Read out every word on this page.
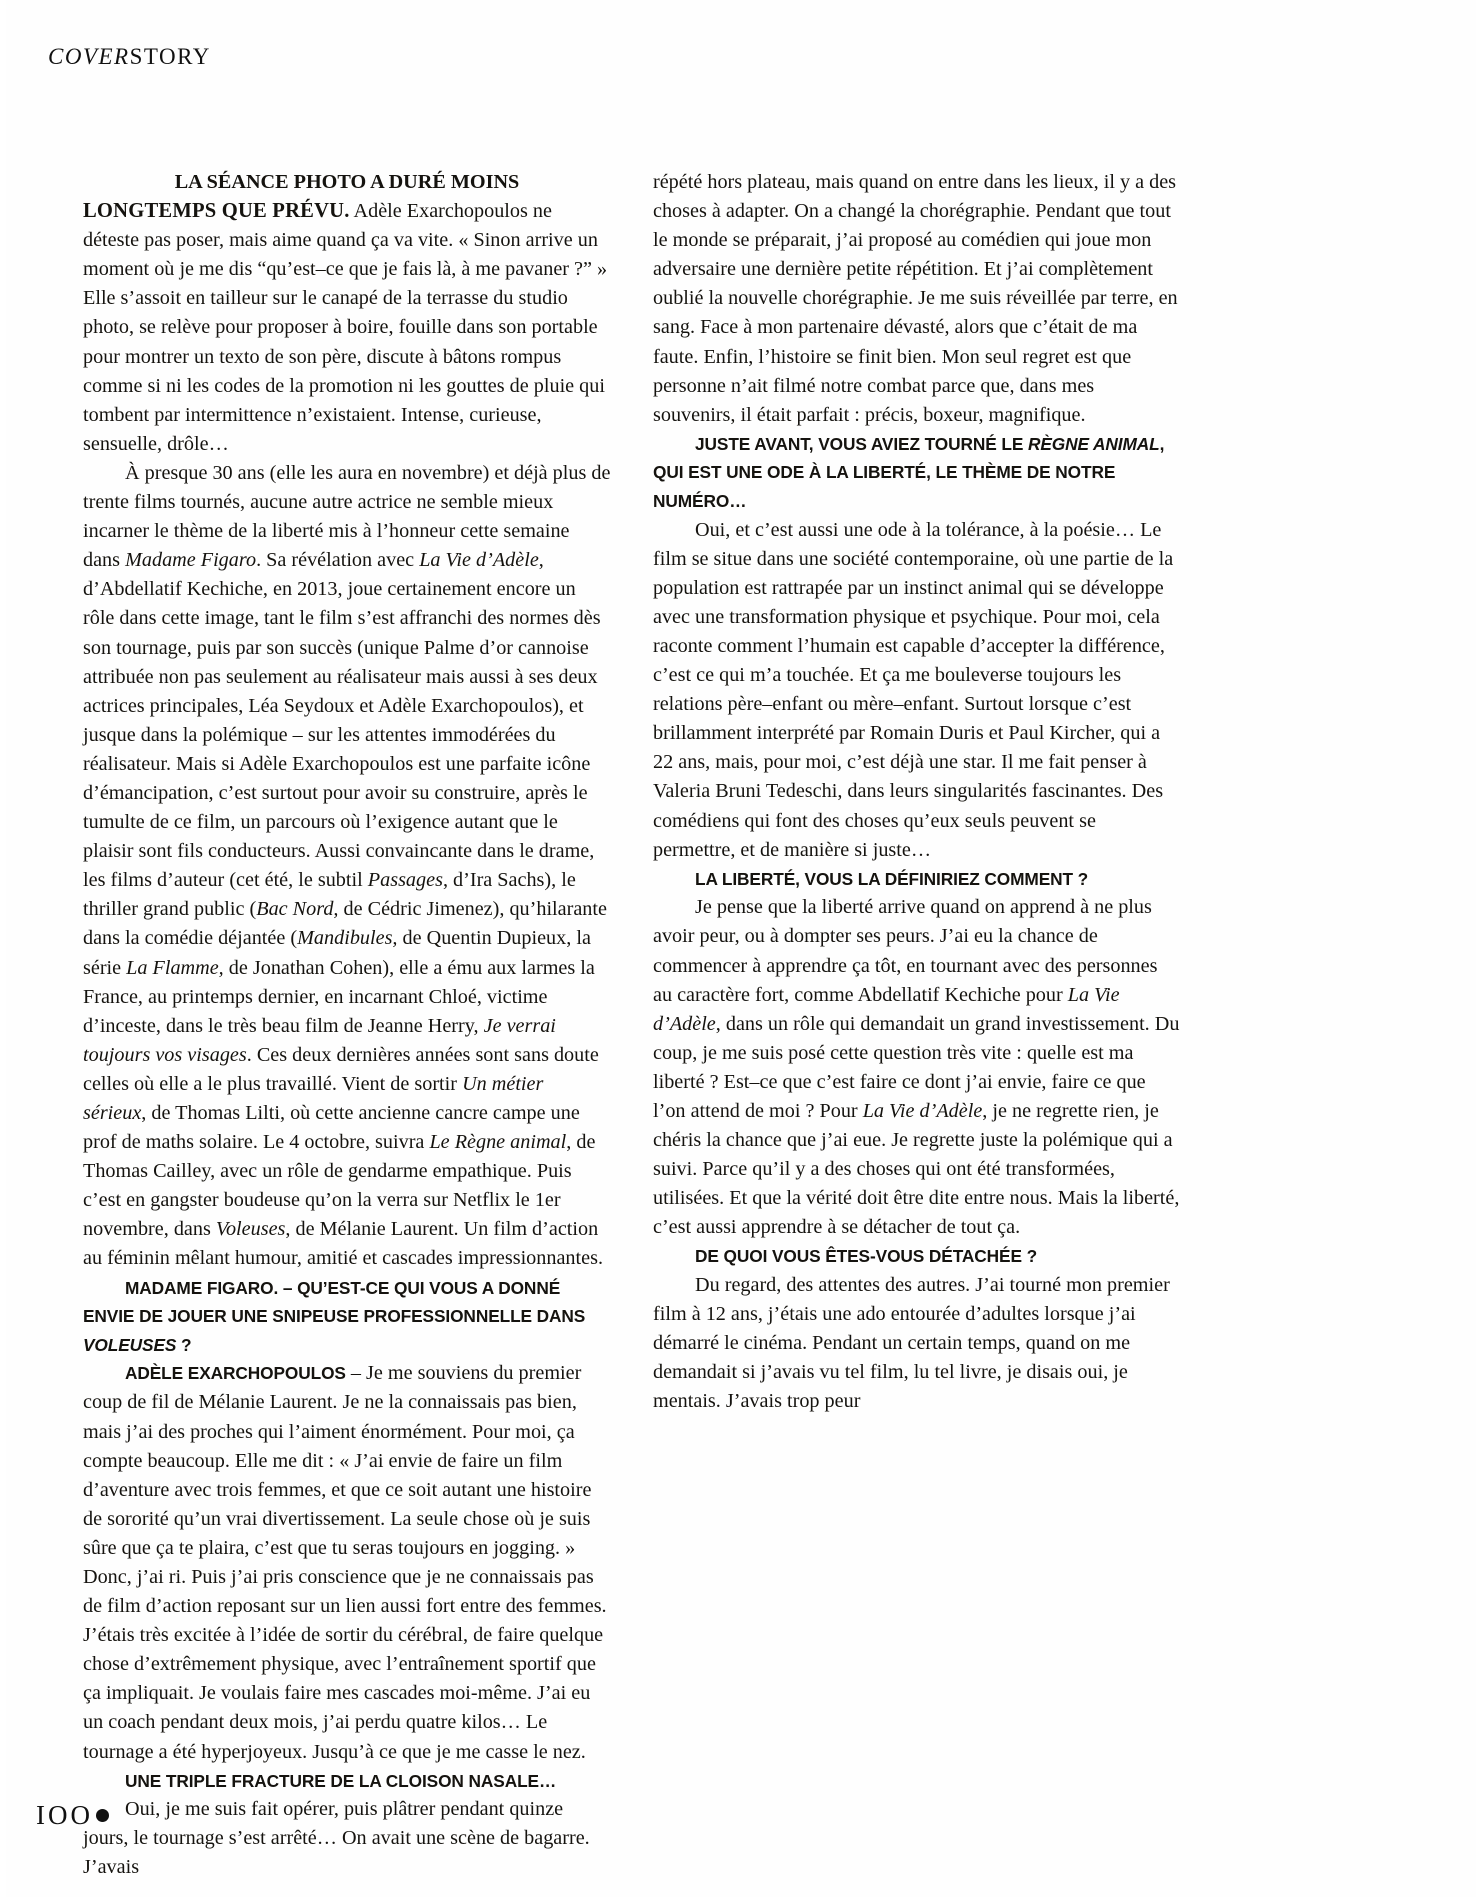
COVERSTORY

LA SÉANCE PHOTO A DURÉ MOINS
LONGTEMPS QUE PRÉVU. Adèle Exarchopoulos ne déteste pas poser, mais aime quand ça va vite. « Sinon arrive un moment où je me dis “qu’est–ce que je fais là, à me pavaner ?” » Elle s’assoit en tailleur sur le canapé de la terrasse du studio photo, se relève pour proposer à boire, fouille dans son portable pour montrer un texto de son père, discute à bâtons rompus comme si ni les codes de la promotion ni les gouttes de pluie qui tombent par intermittence n’existaient. Intense, curieuse, sensuelle, drôle…

À presque 30 ans (elle les aura en novembre) et déjà plus de trente films tournés, aucune autre actrice ne semble mieux incarner le thème de la liberté mis à l’honneur cette semaine dans Madame Figaro. Sa révélation avec La Vie d’Adèle, d’Abdellatif Kechiche, en 2013, joue certainement encore un rôle dans cette image, tant le film s’est affranchi des normes dès son tournage, puis par son succès (unique Palme d’or cannoise attribuée non pas seulement au réalisateur mais aussi à ses deux actrices principales, Léa Seydoux et Adèle Exarchopoulos), et jusque dans la polémique – sur les attentes immodérées du réalisateur. Mais si Adèle Exarchopoulos est une parfaite icône d’émancipation, c’est surtout pour avoir su construire, après le tumulte de ce film, un parcours où l’exigence autant que le plaisir sont fils conducteurs. Aussi convaincante dans le drame, les films d’auteur (cet été, le subtil Passages, d’Ira Sachs), le thriller grand public (Bac Nord, de Cédric Jimenez), qu’hilarante dans la comédie déjantée (Mandibules, de Quentin Dupieux, la série La Flamme, de Jonathan Cohen), elle a ému aux larmes la France, au printemps dernier, en incarnant Chloé, victime d’inceste, dans le très beau film de Jeanne Herry, Je verrai toujours vos visages. Ces deux dernières années sont sans doute celles où elle a le plus travaillé. Vient de sortir Un métier sérieux, de Thomas Lilti, où cette ancienne cancre campe une prof de maths solaire. Le 4 octobre, suivra Le Règne animal, de Thomas Cailley, avec un rôle de gendarme empathique. Puis c’est en gangster boudeuse qu’on la verra sur Netflix le 1er novembre, dans Voleuses, de Mélanie Laurent. Un film d’action au féminin mêlant humour, amitié et cascades impressionnantes.

MADAME FIGARO. – QU’EST-CE QUI VOUS A DONNÉ ENVIE DE JOUER UNE SNIPEUSE PROFESSIONNELLE DANS VOLEUSES ?

ADÈLE EXARCHOPOULOS – Je me souviens du premier coup de fil de Mélanie Laurent. Je ne la connaissais pas bien, mais j’ai des proches qui l’aiment énormément. Pour moi, ça compte beaucoup. Elle me dit : « J’ai envie de faire un film d’aventure avec trois femmes, et que ce soit autant une histoire de sororité qu’un vrai divertissement. La seule chose où je suis sûre que ça te plaira, c’est que tu seras toujours en jogging. » Donc, j’ai ri. Puis j’ai pris conscience que je ne connaissais pas de film d’action reposant sur un lien aussi fort entre des femmes. J’étais très excitée à l’idée de sortir du cérébral, de faire quelque chose d’extrêmement physique, avec l’entraînement sportif que ça impliquait. Je voulais faire mes cascades moi-même. J’ai eu un coach pendant deux mois, j’ai perdu quatre kilos… Le tournage a été hyperjoyeux. Jusqu’à ce que je me casse le nez.

UNE TRIPLE FRACTURE DE LA CLOISON NASALE…

Oui, je me suis fait opérer, puis plâtrer pendant quinze jours, le tournage s’est arrêté… On avait une scène de bagarre. J’avais

répété hors plateau, mais quand on entre dans les lieux, il y a des choses à adapter. On a changé la chorégraphie. Pendant que tout le monde se préparait, j’ai proposé au comédien qui joue mon adversaire une dernière petite répétition. Et j’ai complètement oublié la nouvelle chorégraphie. Je me suis réveillée par terre, en sang. Face à mon partenaire dévasté, alors que c’était de ma faute. Enfin, l’histoire se finit bien. Mon seul regret est que personne n’ait filmé notre combat parce que, dans mes souvenirs, il était parfait : précis, boxeur, magnifique.

JUSTE AVANT, VOUS AVIEZ TOURNÉ LE RÈGNE ANIMAL, QUI EST UNE ODE À LA LIBERTÉ, LE THÈME DE NOTRE NUMÉRO…

Oui, et c’est aussi une ode à la tolérance, à la poésie… Le film se situe dans une société contemporaine, où une partie de la population est rattrapée par un instinct animal qui se développe avec une transformation physique et psychique. Pour moi, cela raconte comment l’humain est capable d’accepter la différence, c’est ce qui m’a touchée. Et ça me bouleverse toujours les relations père–enfant ou mère–enfant. Surtout lorsque c’est brillamment interprété par Romain Duris et Paul Kircher, qui a 22 ans, mais, pour moi, c’est déjà une star. Il me fait penser à Valeria Bruni Tedeschi, dans leurs singularités fascinantes. Des comédiens qui font des choses qu’eux seuls peuvent se permettre, et de manière si juste…

LA LIBERTÉ, VOUS LA DÉFINIRIEZ COMMENT ?

Je pense que la liberté arrive quand on apprend à ne plus avoir peur, ou à dompter ses peurs. J’ai eu la chance de commencer à apprendre ça tôt, en tournant avec des personnes au caractère fort, comme Abdellatif Kechiche pour La Vie d’Adèle, dans un rôle qui demandait un grand investissement. Du coup, je me suis posé cette question très vite : quelle est ma liberté ? Est–ce que c’est faire ce dont j’ai envie, faire ce que l’on attend de moi ? Pour La Vie d’Adèle, je ne regrette rien, je chéris la chance que j’ai eue. Je regrette juste la polémique qui a suivi. Parce qu’il y a des choses qui ont été transformées, utilisées. Et que la vérité doit être dite entre nous. Mais la liberté, c’est aussi apprendre à se détacher de tout ça.

DE QUOI VOUS ÊTES-VOUS DÉTACHÉE ?

Du regard, des attentes des autres. J’ai tourné mon premier film à 12 ans, j’étais une ado entourée d’adultes lorsque j’ai démarré le cinéma. Pendant un certain temps, quand on me demandait si j’avais vu tel film, lu tel livre, je disais oui, je mentais. J’avais trop peur

IOO
